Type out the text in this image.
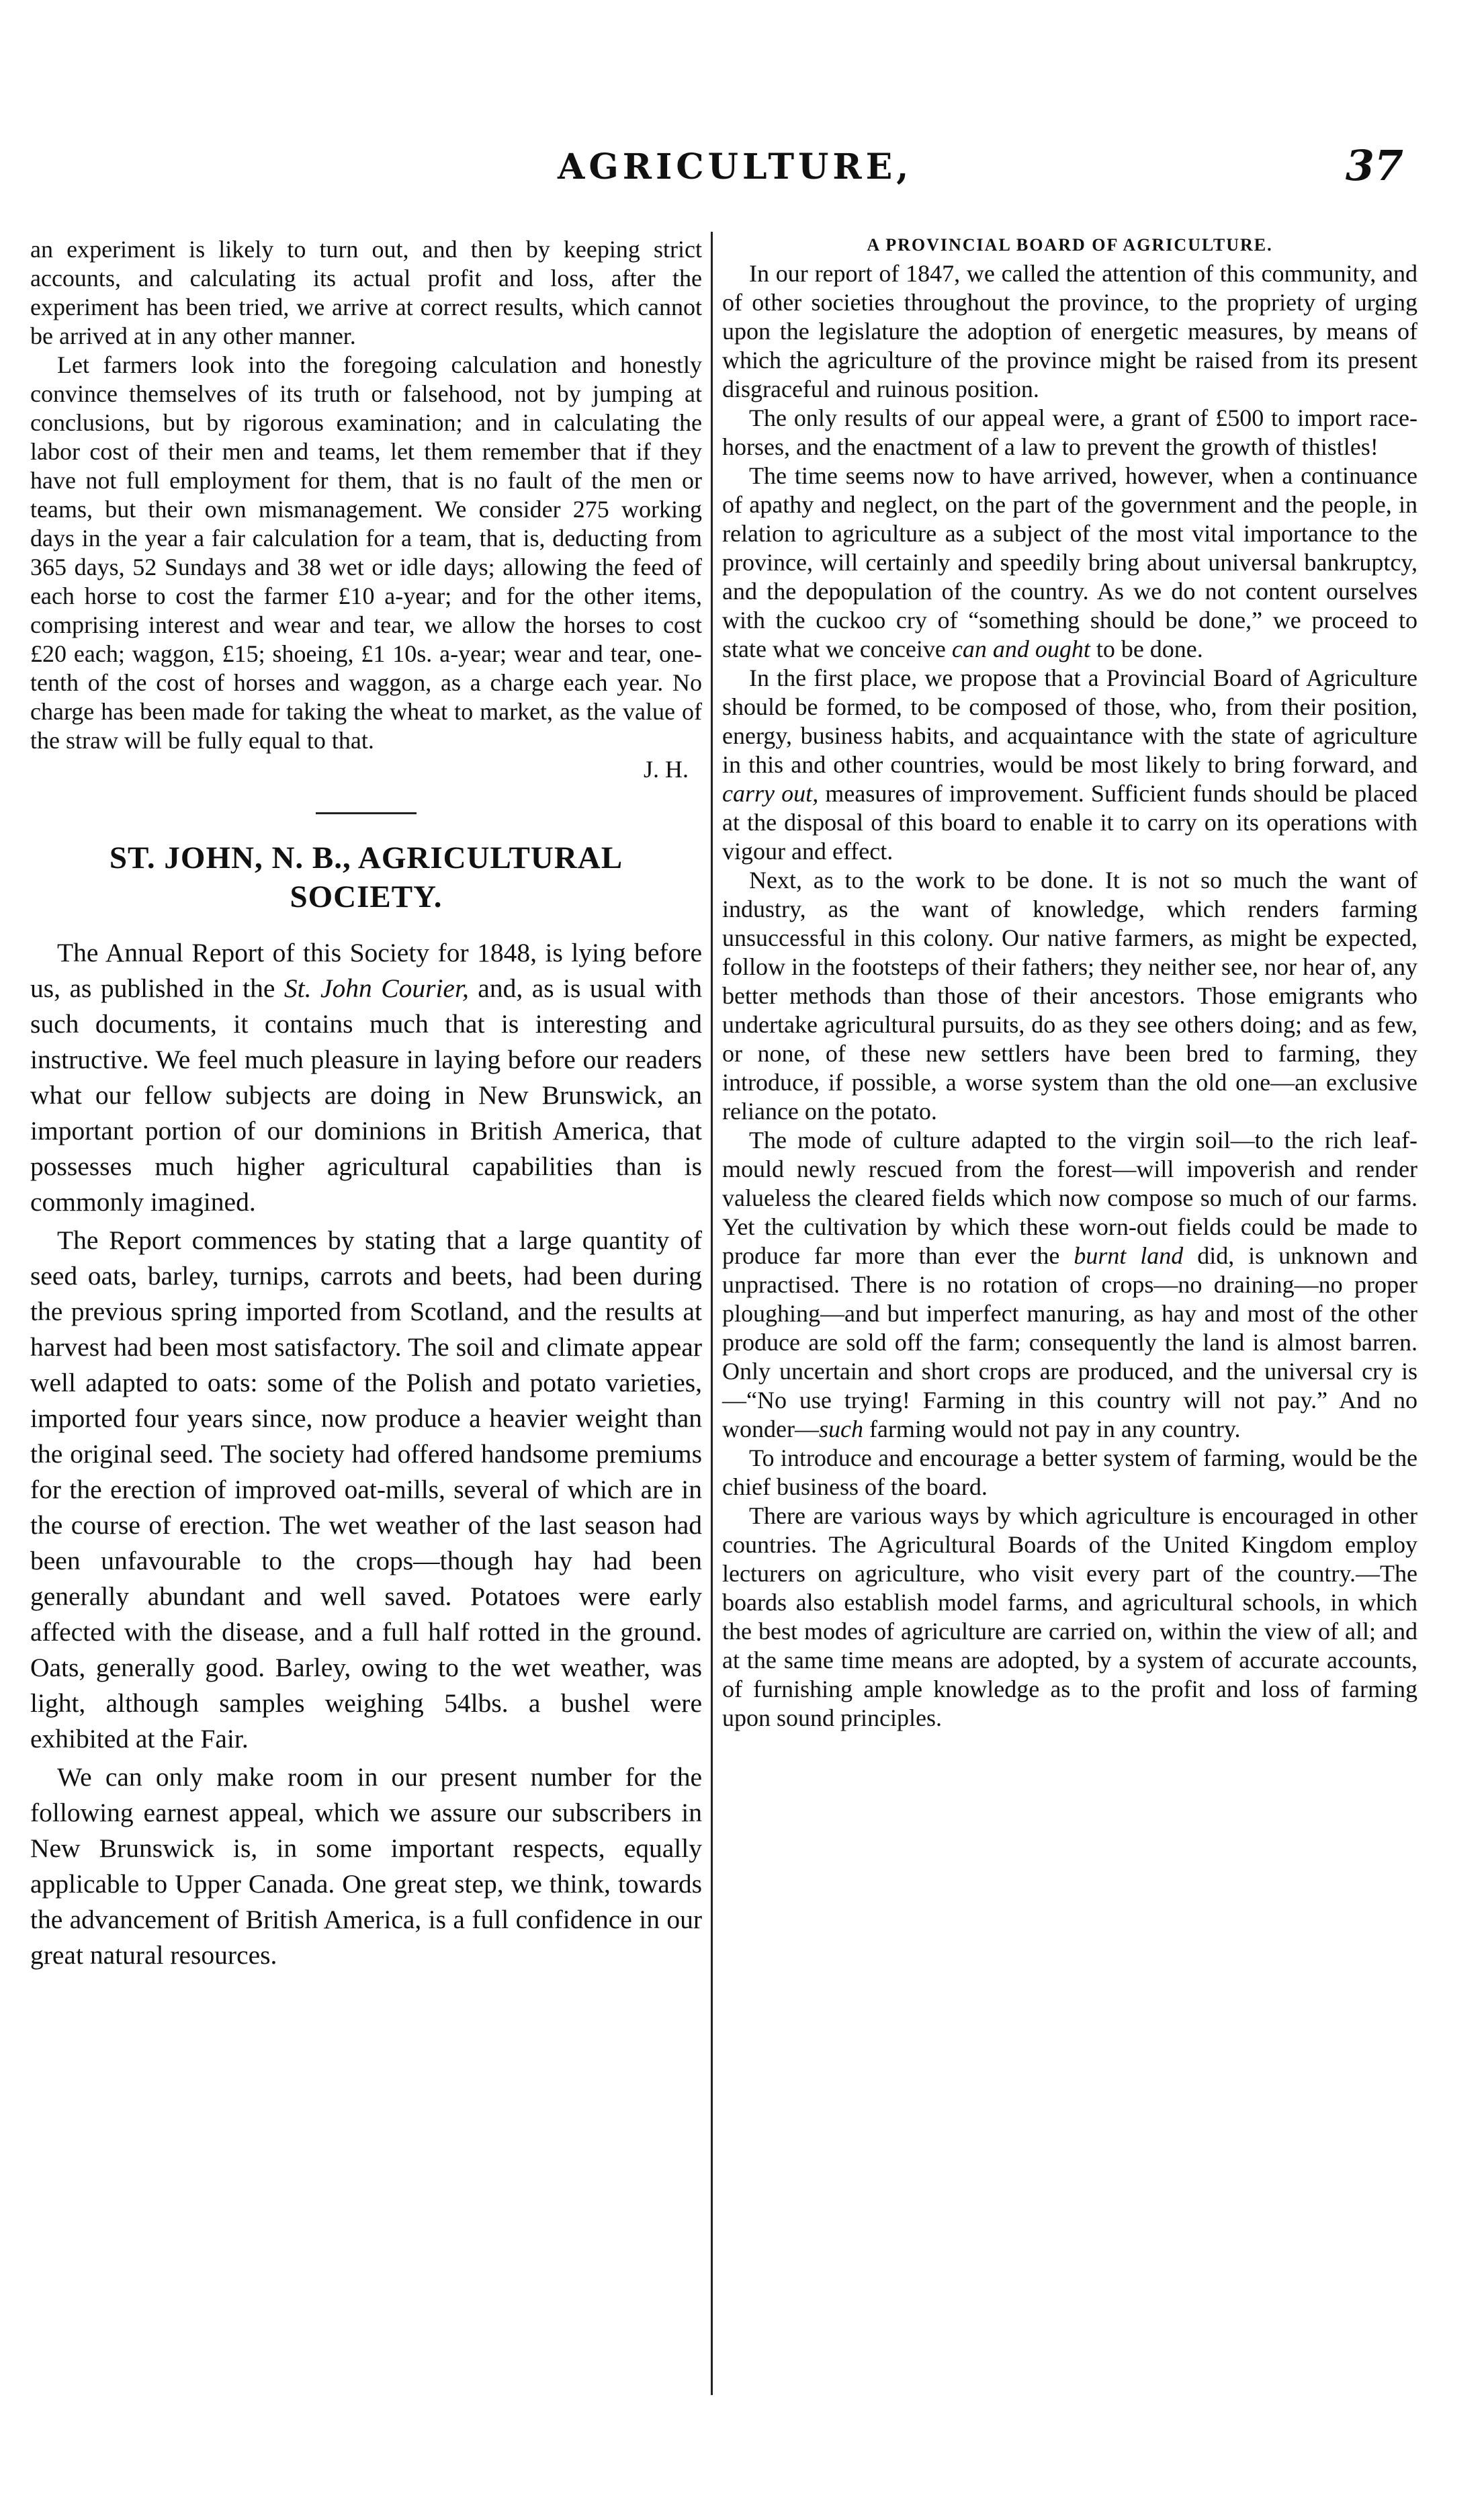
AGRICULTURE,	37

an experiment is likely to turn out, and then by keeping strict accounts, and calculating its actual profit and loss, after the experiment has been tried, we arrive at correct results, which cannot be arrived at in any other manner.

Let farmers look into the foregoing calculation and honestly convince themselves of its truth or falsehood, not by jumping at conclusions, but by rigorous examination; and in calculating the labor cost of their men and teams, let them remember that if they have not full employment for them, that is no fault of the men or teams, but their own mismanagement. We consider 275 working days in the year a fair calculation for a team, that is, deducting from 365 days, 52 Sundays and 38 wet or idle days; allowing the feed of each horse to cost the farmer £10 a-year; and for the other items, comprising interest and wear and tear, we allow the horses to cost £20 each; waggon, £15; shoeing, £1 10s. a-year; wear and tear, one-tenth of the cost of horses and waggon, as a charge each year. No charge has been made for taking the wheat to market, as the value of the straw will be fully equal to that.

J. H.

ST. JOHN, N. B., AGRICULTURAL SOCIETY.

The Annual Report of this Society for 1848, is lying before us, as published in the St. John Courier, and, as is usual with such documents, it contains much that is interesting and instructive. We feel much pleasure in laying before our readers what our fellow subjects are doing in New Brunswick, an important portion of our dominions in British America, that possesses much higher agricultural capabilities than is commonly imagined.

The Report commences by stating that a large quantity of seed oats, barley, turnips, carrots and beets, had been during the previous spring imported from Scotland, and the results at harvest had been most satisfactory. The soil and climate appear well adapted to oats: some of the Polish and potato varieties, imported four years since, now produce a heavier weight than the original seed. The society had offered handsome premiums for the erection of improved oat-mills, several of which are in the course of erection. The wet weather of the last season had been unfavourable to the crops—though hay had been generally abundant and well saved. Potatoes were early affected with the disease, and a full half rotted in the ground. Oats, generally good. Barley, owing to the wet weather, was light, although samples weighing 54lbs. a bushel were exhibited at the Fair.

We can only make room in our present number for the following earnest appeal, which we assure our subscribers in New Brunswick is, in some important respects, equally applicable to Upper Canada. One great step, we think, towards the advancement of British America, is a full confidence in our great natural resources.

A PROVINCIAL BOARD OF AGRICULTURE.

In our report of 1847, we called the attention of this community, and of other societies throughout the province, to the propriety of urging upon the legislature the adoption of energetic measures, by means of which the agriculture of the province might be raised from its present disgraceful and ruinous position.

The only results of our appeal were, a grant of £500 to import race-horses, and the enactment of a law to prevent the growth of thistles!

The time seems now to have arrived, however, when a continuance of apathy and neglect, on the part of the government and the people, in relation to agriculture as a subject of the most vital importance to the province, will certainly and speedily bring about universal bankruptcy, and the depopulation of the country. As we do not content ourselves with the cuckoo cry of “something should be done,” we proceed to state what we conceive can and ought to be done.

In the first place, we propose that a Provincial Board of Agriculture should be formed, to be composed of those, who, from their position, energy, business habits, and acquaintance with the state of agriculture in this and other countries, would be most likely to bring forward, and carry out, measures of improvement. Sufficient funds should be placed at the disposal of this board to enable it to carry on its operations with vigour and effect.

Next, as to the work to be done. It is not so much the want of industry, as the want of knowledge, which renders farming unsuccessful in this colony. Our native farmers, as might be expected, follow in the footsteps of their fathers; they neither see, nor hear of, any better methods than those of their ancestors. Those emigrants who undertake agricultural pursuits, do as they see others doing; and as few, or none, of these new settlers have been bred to farming, they introduce, if possible, a worse system than the old one—an exclusive reliance on the potato.

The mode of culture adapted to the virgin soil—to the rich leaf-mould newly rescued from the forest—will impoverish and render valueless the cleared fields which now compose so much of our farms. Yet the cultivation by which these worn-out fields could be made to produce far more than ever the burnt land did, is unknown and unpractised. There is no rotation of crops—no draining—no proper ploughing—and but imperfect manuring, as hay and most of the other produce are sold off the farm; consequently the land is almost barren. Only uncertain and short crops are produced, and the universal cry is—“No use trying! Farming in this country will not pay.” And no wonder—such farming would not pay in any country.

To introduce and encourage a better system of farming, would be the chief business of the board.

There are various ways by which agriculture is encouraged in other countries. The Agricultural Boards of the United Kingdom employ lecturers on agriculture, who visit every part of the country.—The boards also establish model farms, and agricultural schools, in which the best modes of agriculture are carried on, within the view of all; and at the same time means are adopted, by a system of accurate accounts, of furnishing ample knowledge as to the profit and loss of farming upon sound principles.
